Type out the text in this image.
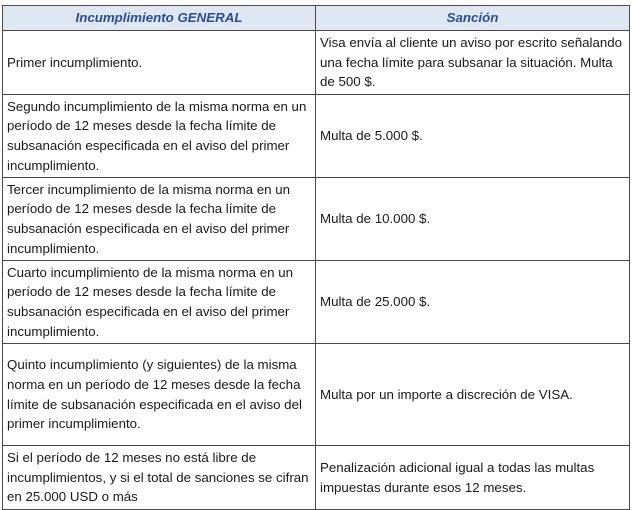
Incumplimiento GENERAL	Sanción
Primer incumplimiento.	Visa envía al cliente un aviso por escrito señalando una fecha límite para subsanar la situación. Multa de 500 $.
Segundo incumplimiento de la misma norma en un período de 12 meses desde la fecha límite de subsanación especificada en el aviso del primer incumplimiento.	Multa de 5.000 $.
Tercer incumplimiento de la misma norma en un período de 12 meses desde la fecha límite de subsanación especificada en el aviso del primer incumplimiento.	Multa de 10.000 $.
Cuarto incumplimiento de la misma norma en un período de 12 meses desde la fecha límite de subsanación especificada en el aviso del primer incumplimiento.	Multa de 25.000 $.
Quinto incumplimiento (y siguientes) de la misma norma en un período de 12 meses desde la fecha límite de subsanación especificada en el aviso del primer incumplimiento.	Multa por un importe a discreción de VISA.
Si el período de 12 meses no está libre de incumplimientos, y si el total de sanciones se cifran en 25.000 USD o más	Penalización adicional igual a todas las multas impuestas durante esos 12 meses.
